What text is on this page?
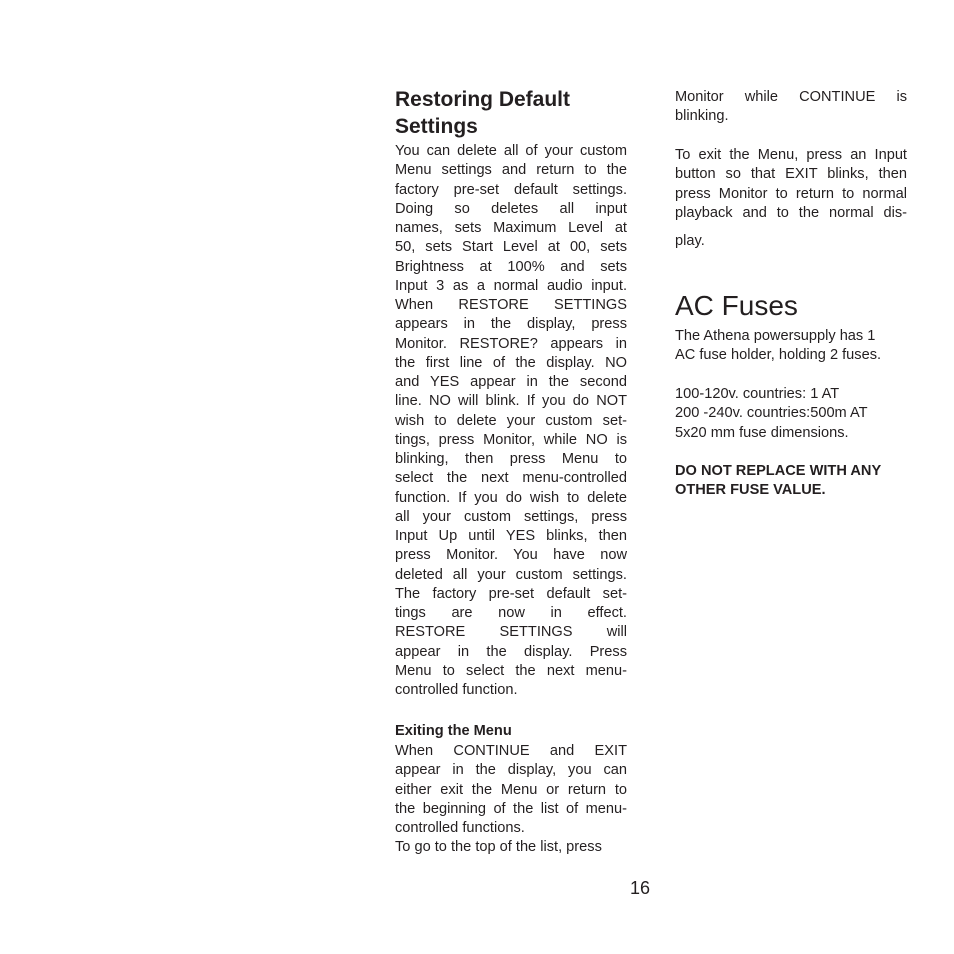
Restoring Default
Settings
You can delete all of your custom
Menu settings and return to the
factory pre-set default settings.
Doing so deletes all input
names, sets Maximum Level at
50, sets Start Level at 00, sets
Brightness at 100% and sets
Input 3 as a normal audio input.
When RESTORE SETTINGS
appears in the display, press
Monitor. RESTORE? appears in
the first line of the display. NO
and YES appear in the second
line. NO will blink. If you do NOT
wish to delete your custom set-
tings, press Monitor, while NO is
blinking, then press Menu to
select the next menu-controlled
function. If you do wish to delete
all your custom settings, press
Input Up until YES blinks, then
press Monitor. You have now
deleted all your custom settings.
The factory pre-set default set-
tings are now in effect.
RESTORE SETTINGS will
appear in the display. Press
Menu to select the next menu-
controlled function.
Exiting the Menu
When CONTINUE and EXIT
appear in the display, you can
either exit the Menu or return to
the beginning of the list of menu-
controlled functions.
To go to the top of the list, press
Monitor while CONTINUE is
blinking.
To exit the Menu, press an Input
button so that EXIT blinks, then
press Monitor to return to normal
playback and to the normal dis-
play.
AC Fuses
The Athena powersupply has 1
AC fuse holder, holding 2 fuses.
100-120v. countries: 1 AT
200 -240v. countries:500m AT
5x20 mm fuse dimensions.
DO NOT REPLACE WITH ANY
OTHER FUSE VALUE.
16
